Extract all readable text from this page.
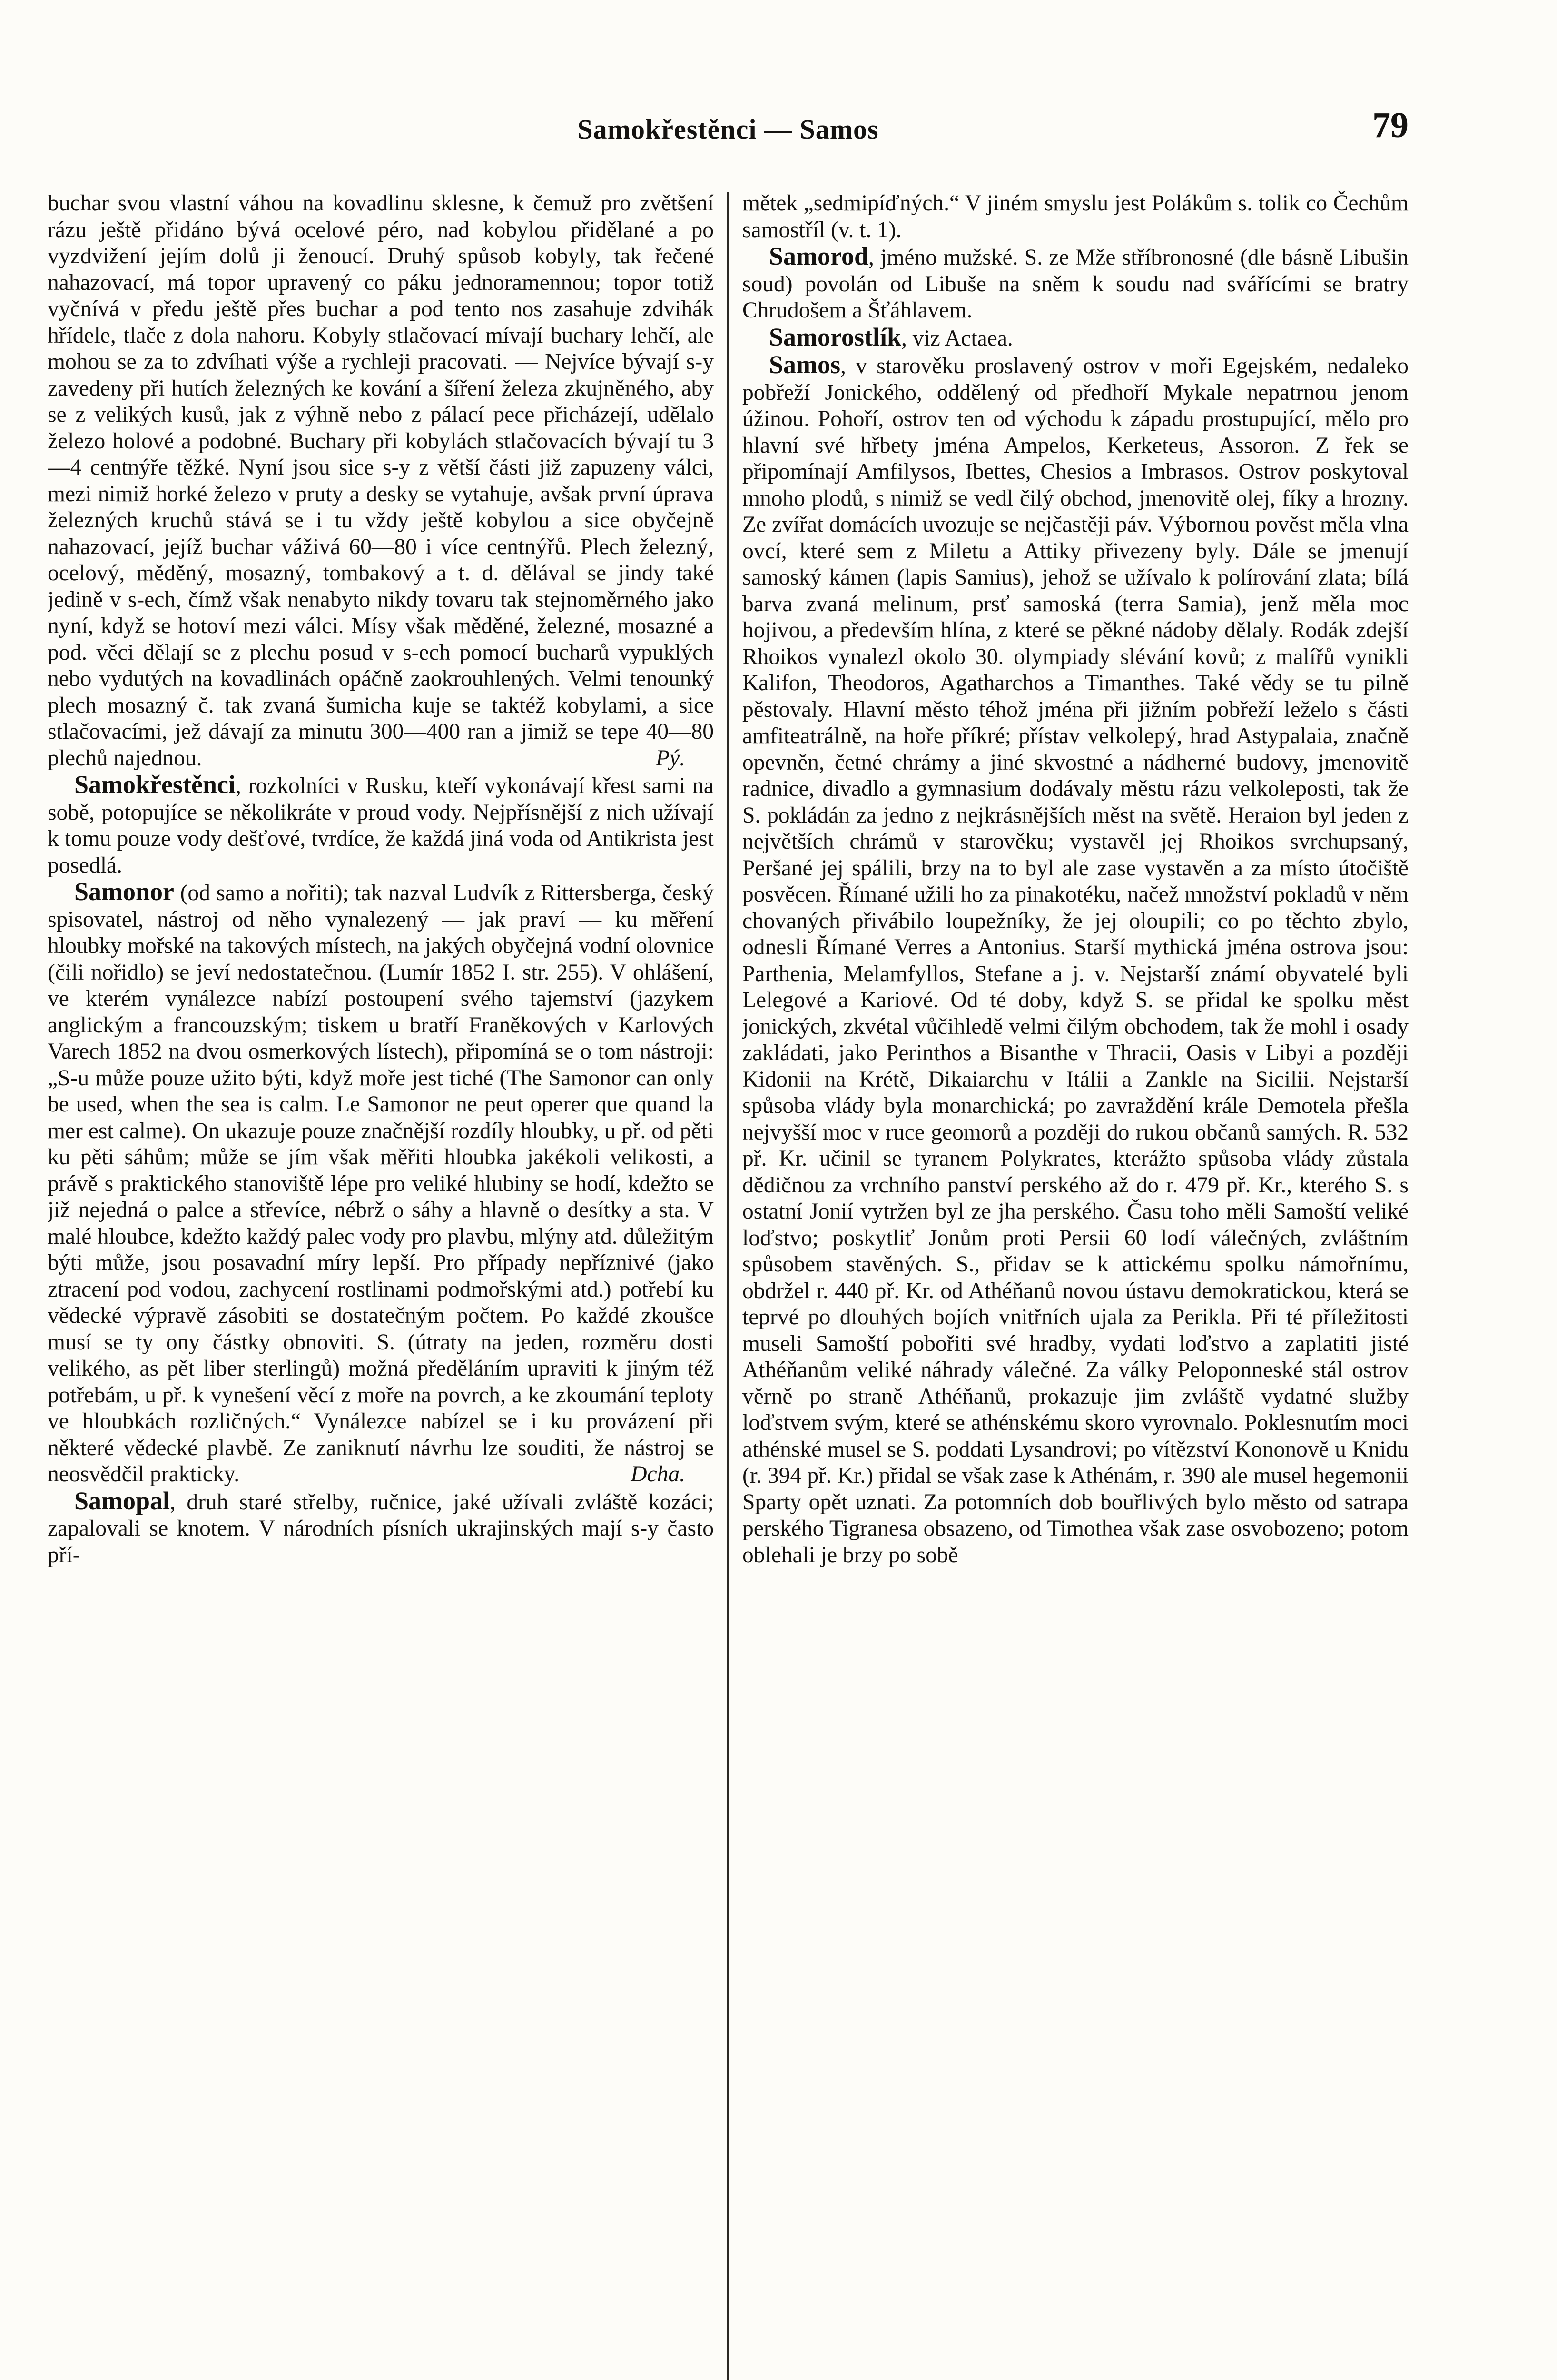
Samokřestěnci — Samos	79

buchar svou vlastní váhou na kovadlinu sklesne, k čemuž pro zvětšení rázu ještě přidáno bývá ocelové péro, nad kobylou přidělané a po vyzdvižení jejím dolů ji ženoucí. Druhý spůsob kobyly, tak řečené nahazovací, má topor upravený co páku jednoramennou; topor totiž vyčnívá v předu ještě přes buchar a pod tento nos zasahuje zdvihák hřídele, tlače z dola nahoru. Kobyly stlačovací mívají buchary lehčí, ale mohou se za to zdvíhati výše a rychleji pracovati. — Nejvíce bývají s-y zavedeny při hutích železných ke kování a šíření železa zkujněného, aby se z velikých kusů, jak z výhně nebo z pálací pece přicházejí, udělalo železo holové a podobné. Buchary při kobylách stlačovacích bývají tu 3—4 centnýře těžké. Nyní jsou sice s-y z větší části již zapuzeny válci, mezi nimiž horké železo v pruty a desky se vytahuje, avšak první úprava železných kruchů stává se i tu vždy ještě kobylou a sice obyčejně nahazovací, jejíž buchar váživá 60—80 i více centnýřů. Plech železný, ocelový, měděný, mosazný, tombakový a t. d. dělával se jindy také jedině v s-ech, čímž však nenabyto nikdy tovaru tak stejnoměrného jako nyní, když se hotoví mezi válci. Mísy však měděné, železné, mosazné a pod. věci dělají se z plechu posud v s-ech pomocí bucharů vypuklých nebo vydutých na kovadlinách opáčně zaokrouhlených. Velmi tenounký plech mosazný č. tak zvaná šumicha kuje se taktéž kobylami, a sice stlačovacími, jež dávají za minutu 300—400 ran a jimiž se tepe 40—80 plechů najednou.	Pý.

Samokřestěnci, rozkolníci v Rusku, kteří vykonávají křest sami na sobě, potopujíce se několikráte v proud vody. Nejpřísnější z nich užívají k tomu pouze vody dešťové, tvrdíce, že každá jiná voda od Antikrista jest posedlá.

Samonor (od samo a nořiti); tak nazval Ludvík z Rittersberga, český spisovatel, nástroj od něho vynalezený — jak praví — ku měření hloubky mořské na takových místech, na jakých obyčejná vodní olovnice (čili nořidlo) se jeví nedostatečnou. (Lumír 1852 I. str. 255). V ohlášení, ve kterém vynálezce nabízí postoupení svého tajemství (jazykem anglickým a francouzským; tiskem u bratří Franěkových v Karlových Varech 1852 na dvou osmerkových lístech), připomíná se o tom nástroji: „S-u může pouze užito býti, když moře jest tiché (The Samonor can only be used, when the sea is calm. Le Samonor ne peut operer que quand la mer est calme). On ukazuje pouze značnější rozdíly hloubky, u př. od pěti ku pěti sáhům; může se jím však měřiti hloubka jakékoli velikosti, a právě s praktického stanoviště lépe pro veliké hlubiny se hodí, kdežto se již nejedná o palce a střevíce, nébrž o sáhy a hlavně o desítky a sta. V malé hloubce, kdežto každý palec vody pro plavbu, mlýny atd. důležitým býti může, jsou posavadní míry lepší. Pro případy nepříznivé (jako ztracení pod vodou, zachycení rostlinami podmořskými atd.) potřebí ku vědecké výpravě zásobiti se dostatečným počtem. Po každé zkoušce musí se ty ony částky obnoviti. S. (útraty na jeden, rozměru dosti velikého, as pět liber sterlingů) možná předěláním upraviti k jiným též potřebám, u př. k vynešení věcí z moře na povrch, a ke zkoumání teploty ve hloubkách rozličných.“ Vynálezce nabízel se i ku provázení při některé vědecké plavbě. Ze zaniknutí návrhu lze souditi, že nástroj se neosvědčil prakticky.	Dcha.

Samopal, druh staré střelby, ručnice, jaké užívali zvláště kozáci; zapalovali se knotem. V národních písních ukrajinských mají s-y často pří-

mětek „sedmipíďných.“ V jiném smyslu jest Polákům s. tolik co Čechům samostříl (v. t. 1).

Samorod, jméno mužské. S. ze Mže stříbronosné (dle básně Libušin soud) povolán od Libuše na sněm k soudu nad svářícími se bratry Chrudošem a Šťáhlavem.

Samorostlík, viz Actaea.

Samos, v starověku proslavený ostrov v moři Egejském, nedaleko pobřeží Jonického, oddělený od předhoří Mykale nepatrnou jenom úžinou. Pohoří, ostrov ten od východu k západu prostupující, mělo pro hlavní své hřbety jména Ampelos, Kerketeus, Assoron. Z řek se připomínají Amfilysos, Ibettes, Chesios a Imbrasos. Ostrov poskytoval mnoho plodů, s nimiž se vedl čilý obchod, jmenovitě olej, fíky a hrozny. Ze zvířat domácích uvozuje se nejčastěji páv. Výbornou pověst měla vlna ovcí, které sem z Miletu a Attiky přivezeny byly. Dále se jmenují samoský kámen (lapis Samius), jehož se užívalo k polírování zlata; bílá barva zvaná melinum, prsť samoská (terra Samia), jenž měla moc hojivou, a především hlína, z které se pěkné nádoby dělaly. Rodák zdejší Rhoikos vynalezl okolo 30. olympiady slévání kovů; z malířů vynikli Kalifon, Theodoros, Agatharchos a Timanthes. Také vědy se tu pilně pěstovaly. Hlavní město téhož jména při jižním pobřeží leželo s části amfiteatrálně, na hoře příkré; přístav velkolepý, hrad Astypalaia, značně opevněn, četné chrámy a jiné skvostné a nádherné budovy, jmenovitě radnice, divadlo a gymnasium dodávaly městu rázu velkoleposti, tak že S. pokládán za jedno z nejkrásnějších měst na světě. Heraion byl jeden z největších chrámů v starověku; vystavěl jej Rhoikos svrchupsaný, Peršané jej spálili, brzy na to byl ale zase vystavěn a za místo útočiště posvěcen. Římané užili ho za pinakotéku, načež množství pokladů v něm chovaných přivábilo loupežníky, že jej oloupili; co po těchto zbylo, odnesli Římané Verres a Antonius. Starší mythická jména ostrova jsou: Parthenia, Melamfyllos, Stefane a j. v. Nejstarší známí obyvatelé byli Lelegové a Kariové. Od té doby, když S. se přidal ke spolku měst jonických, zkvétal vůčihledě velmi čilým obchodem, tak že mohl i osady zakládati, jako Perinthos a Bisanthe v Thracii, Oasis v Libyi a později Kidonii na Krétě, Dikaiarchu v Itálii a Zankle na Sicilii. Nejstarší spůsoba vlády byla monarchická; po zavraždění krále Demotela přešla nejvyšší moc v ruce geomorů a později do rukou občanů samých. R. 532 př. Kr. učinil se tyranem Polykrates, kterážto spůsoba vlády zůstala dědičnou za vrchního panství perského až do r. 479 př. Kr., kteréhо S. s ostatní Jonií vytržen byl ze jha perského. Času toho měli Samoští veliké loďstvo; poskytliť Jonům proti Persii 60 lodí válečných, zvláštním spůsobem stavěných. S., přidav se k attickému spolku námořnímu, obdržel r. 440 př. Kr. od Athéňanů novou ústavu demokratickou, která se teprvé po dlouhých bojích vnitřních ujala za Perikla. Při té příležitosti museli Samoští pobořiti své hradby, vydati loďstvo a zaplatiti jisté Athéňanům veliké náhrady válečné. Za války Peloponneské stál ostrov věrně po straně Athéňanů, prokazuje jim zvláště vydatné služby loďstvem svým, které se athénskému skoro vyrovnalo. Poklesnutím moci athénské musel se S. poddati Lysandrovi; po vítězství Kononově u Knidu (r. 394 př. Kr.) přidal se však zase k Athénám, r. 390 ale musel hegemonii Sparty opět uznati. Za potomních dob bouřlivých bylo město od satrapa perského Tigranesa obsazeno, od Timothea však zase osvobozeno; potom oblehali je brzy po sobě
